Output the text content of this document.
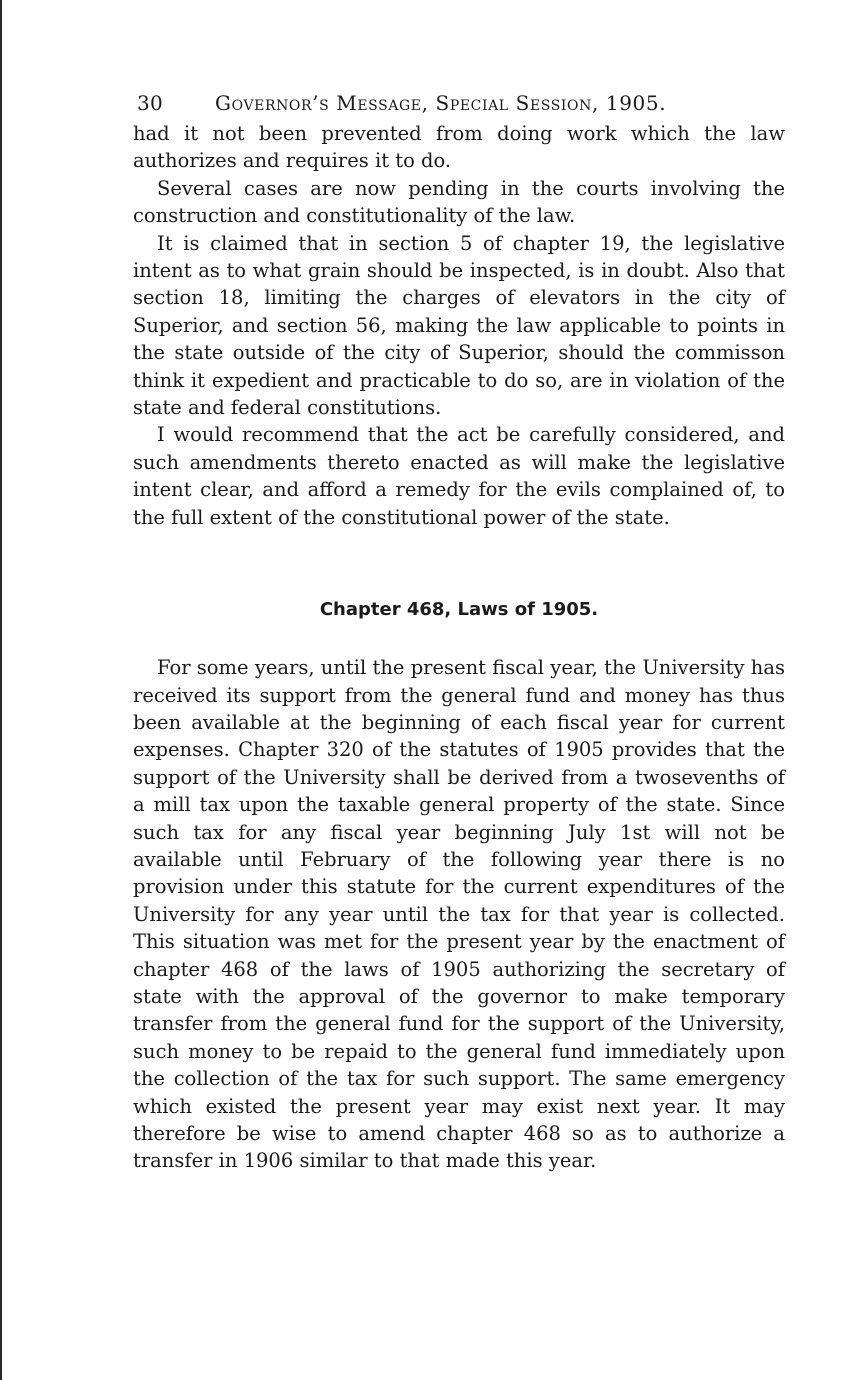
30	Governor’s Message, Special Session, 1905.

had it not been prevented from doing work which the law authorizes and requires it to do.

Several cases are now pending in the courts involving the construction and constitutionality of the law.

It is claimed that in section 5 of chapter 19, the legislative intent as to what grain should be inspected, is in doubt. Also that section 18, limiting the charges of elevators in the city of Superior, and section 56, making the law applicable to points in the state outside of the city of Superior, should the commisson think it expedient and practicable to do so, are in violation of the state and federal constitutions.

I would recommend that the act be carefully considered, and such amendments thereto enacted as will make the legislative intent clear, and afford a remedy for the evils complained of, to the full extent of the constitutional power of the state.

Chapter 468, Laws of 1905.

For some years, until the present fiscal year, the University has received its support from the general fund and money has thus been available at the beginning of each fiscal year for current expenses. Chapter 320 of the statutes of 1905 provides that the support of the University shall be derived from a twosevenths of a mill tax upon the taxable general property of the state. Since such tax for any fiscal year beginning July 1st will not be available until February of the following year there is no provision under this statute for the current expenditures of the University for any year until the tax for that year is collected. This situation was met for the present year by the enactment of chapter 468 of the laws of 1905 authorizing the secretary of state with the approval of the governor to make temporary transfer from the general fund for the support of the University, such money to be repaid to the general fund immediately upon the collection of the tax for such support. The same emergency which existed the present year may exist next year. It may therefore be wise to amend chapter 468 so as to authorize a transfer in 1906 similar to that made this year.
